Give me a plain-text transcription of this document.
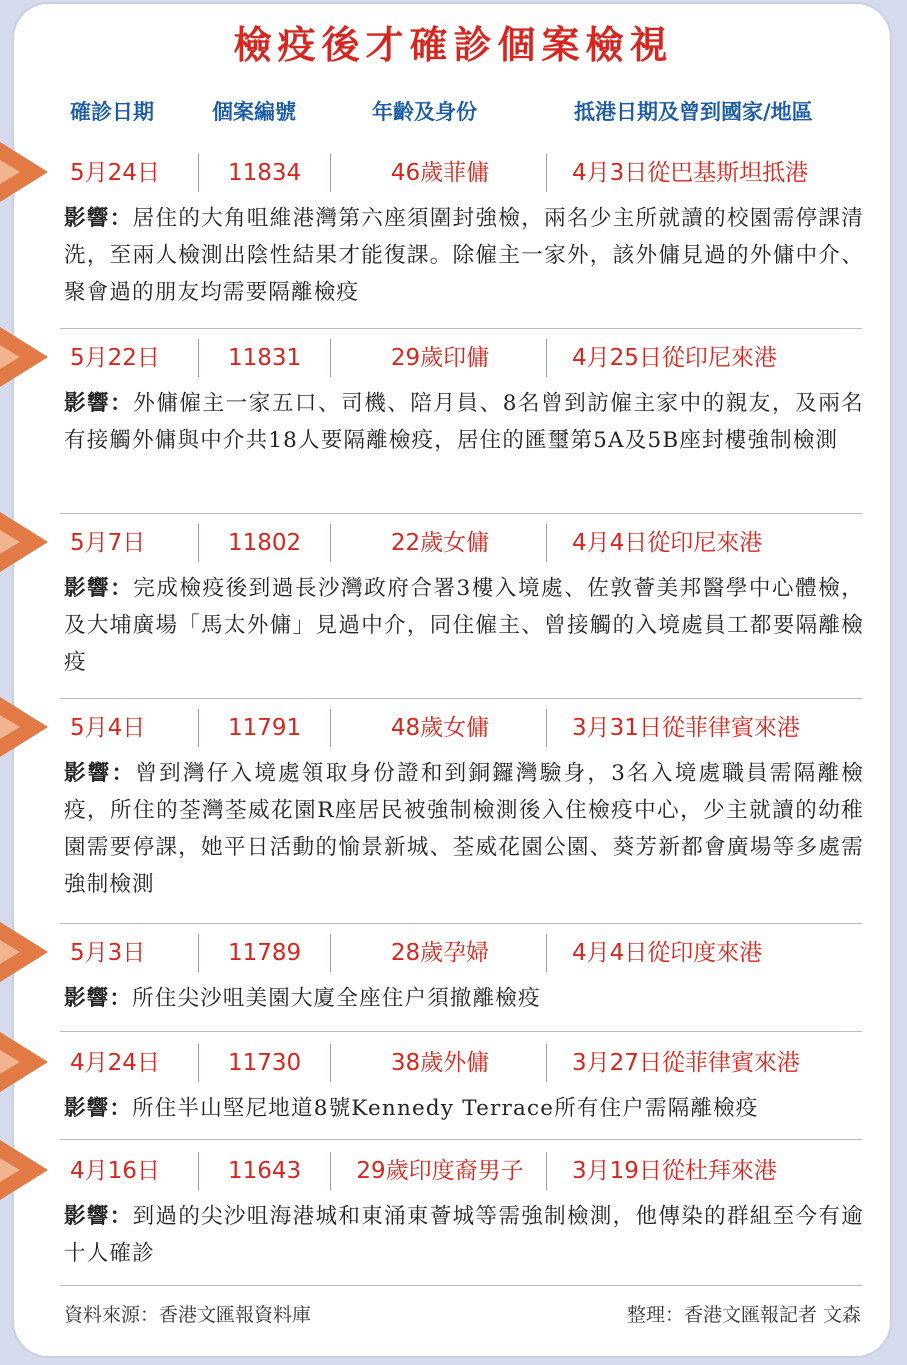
檢疫後才確診個案檢視
確診日期	個案編號	年齡及身份	抵港日期及曾到國家/地區
5月24日	11834	46歲菲傭	4月3日從巴基斯坦抵港
影響：居住的大角咀維港灣第六座須圍封強檢，兩名少主所就讀的校園需停課清洗，至兩人檢測出陰性結果才能復課。除僱主一家外，該外傭見過的外傭中介、聚會過的朋友均需要隔離檢疫
5月22日	11831	29歲印傭	4月25日從印尼來港
影響：外傭僱主一家五口、司機、陪月員、8名曾到訪僱主家中的親友，及兩名有接觸外傭與中介共18人要隔離檢疫，居住的匯璽第5A及5B座封樓強制檢測
5月7日	11802	22歲女傭	4月4日從印尼來港
影響：完成檢疫後到過長沙灣政府合署3樓入境處、佐敦薈美邦醫學中心體檢，及大埔廣場「馬太外傭」見過中介，同住僱主、曾接觸的入境處員工都要隔離檢疫
5月4日	11791	48歲女傭	3月31日從菲律賓來港
影響：曾到灣仔入境處領取身份證和到銅鑼灣驗身，3名入境處職員需隔離檢疫，所住的荃灣荃威花園R座居民被強制檢測後入住檢疫中心，少主就讀的幼稚園需要停課，她平日活動的愉景新城、荃威花園公園、葵芳新都會廣場等多處需強制檢測
5月3日	11789	28歲孕婦	4月4日從印度來港
影響：所住尖沙咀美園大廈全座住户須撤離檢疫
4月24日	11730	38歲外傭	3月27日從菲律賓來港
影響：所住半山堅尼地道8號Kennedy Terrace所有住户需隔離檢疫
4月16日	11643 29歲印度裔男子 3月19日從杜拜來港
影響：到過的尖沙咀海港城和東涌東薈城等需強制檢測，他傳染的群組至今有逾十人確診
資料來源：香港文匯報資料庫	整理：香港文匯報記者 文森
